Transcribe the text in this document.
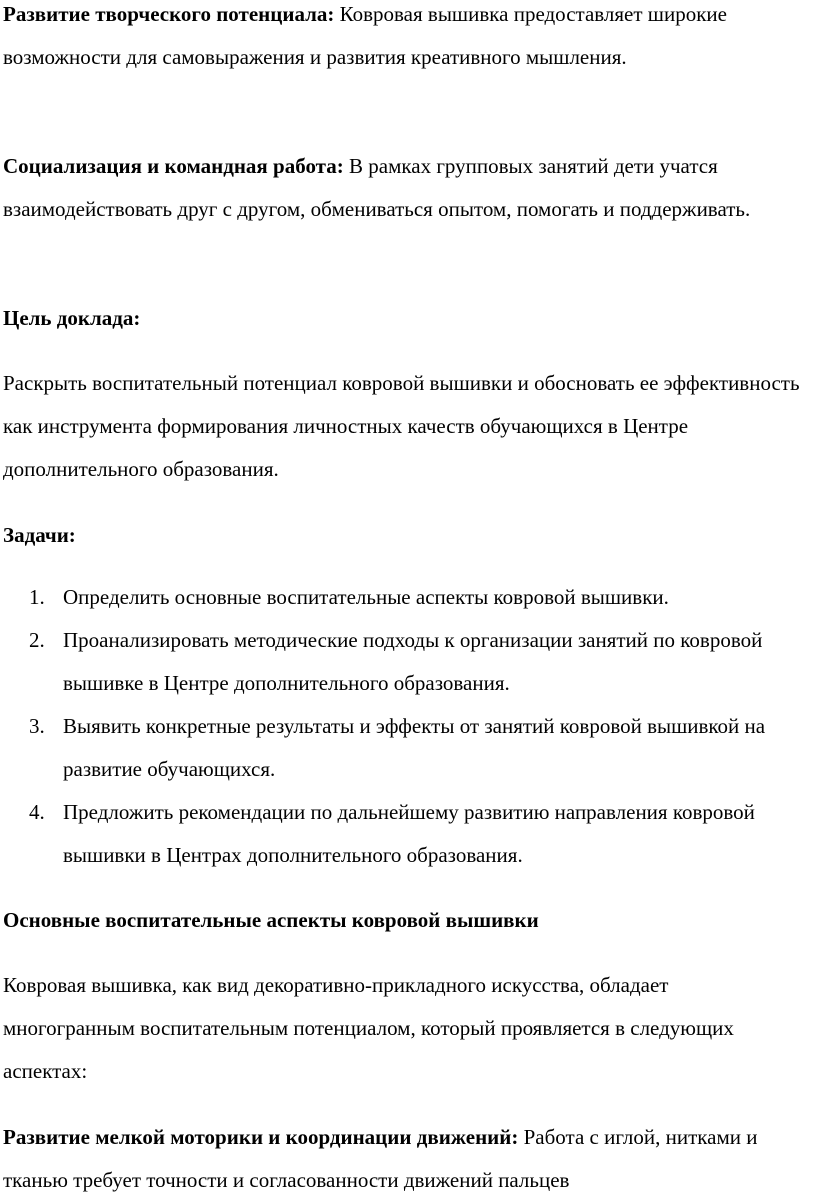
Развитие творческого потенциала: Ковровая вышивка предоставляет широкие возможности для самовыражения и развития креативного мышления.

Социализация и командная работа: В рамках групповых занятий дети учатся взаимодействовать друг с другом, обмениваться опытом, помогать и поддерживать.

Цель доклада:

Раскрыть воспитательный потенциал ковровой вышивки и обосновать ее эффективность как инструмента формирования личностных качеств обучающихся в Центре дополнительного образования.

Задачи:

1. Определить основные воспитательные аспекты ковровой вышивки.
2. Проанализировать методические подходы к организации занятий по ковровой вышивке в Центре дополнительного образования.
3. Выявить конкретные результаты и эффекты от занятий ковровой вышивкой на развитие обучающихся.
4. Предложить рекомендации по дальнейшему развитию направления ковровой вышивки в Центрах дополнительного образования.

Основные воспитательные аспекты ковровой вышивки

Ковровая вышивка, как вид декоративно-прикладного искусства, обладает многогранным воспитательным потенциалом, который проявляется в следующих аспектах:

Развитие мелкой моторики и координации движений: Работа с иглой, нитками и тканью требует точности и согласованности движений пальцев
